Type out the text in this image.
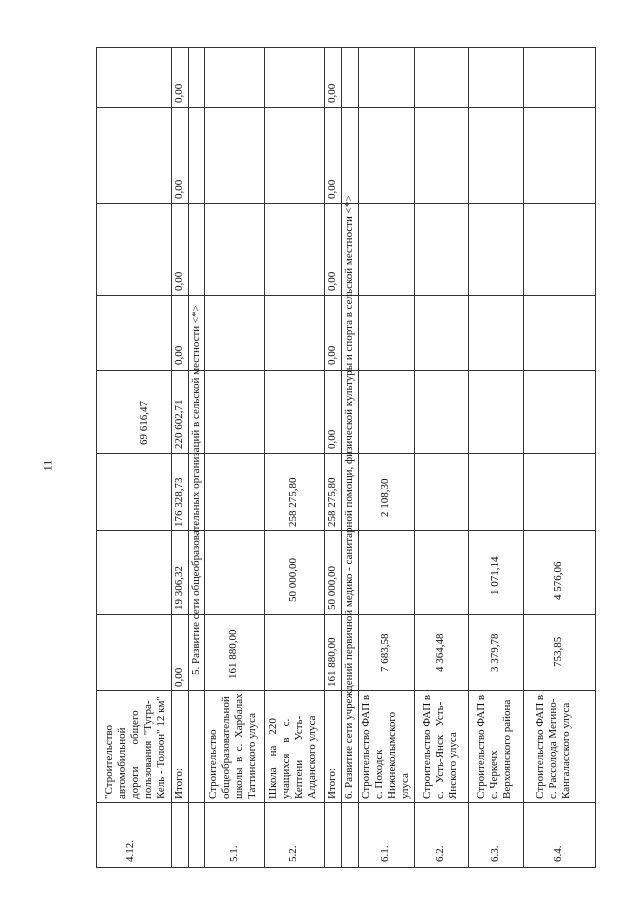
11
4.12.
"Строительство автомобильной дороги        общего пользования  "Тугра- Кель - Толоон" 12 км"
69 616,47
Итого:
0,00
19 306,32
176 328,73
220 602,71
0,00
0,00
0,00
0,00
5. Развитие сети общеобразовательных организаций в сельской местности <*>
5.1.
Строительство общеобразовательной школы  в  с.  Харбалах Таттинского улуса
161 880,00
5.2.
Школа    на    220 учащихся    в    с. Кептени       Усть- Алданского улуса
50 000,00
258 275,80
Итого:
161 880,00
50 000,00
258 275,80
0,00
0,00
0,00
0,00
0,00
6. Развитие сети учреждений первичной медико - санитарной помощи, физической культуры и спорта в сельской местности <*>
6.1.
Строительство ФАП в с. Походск Нижнеколымского улуса
7 683,58
2 108,30
6.2.
Строительство ФАП в с.   Усть-Янск   Усть- Янского улуса
4 364,48
6.3.
Строительство ФАП в с. Черкечх Верхоянского района
3 379,78
1 071,14
6.4.
Строительство ФАП в с. Рассолода Мегино- Кангаласского улуса
753,85
4 576,06
